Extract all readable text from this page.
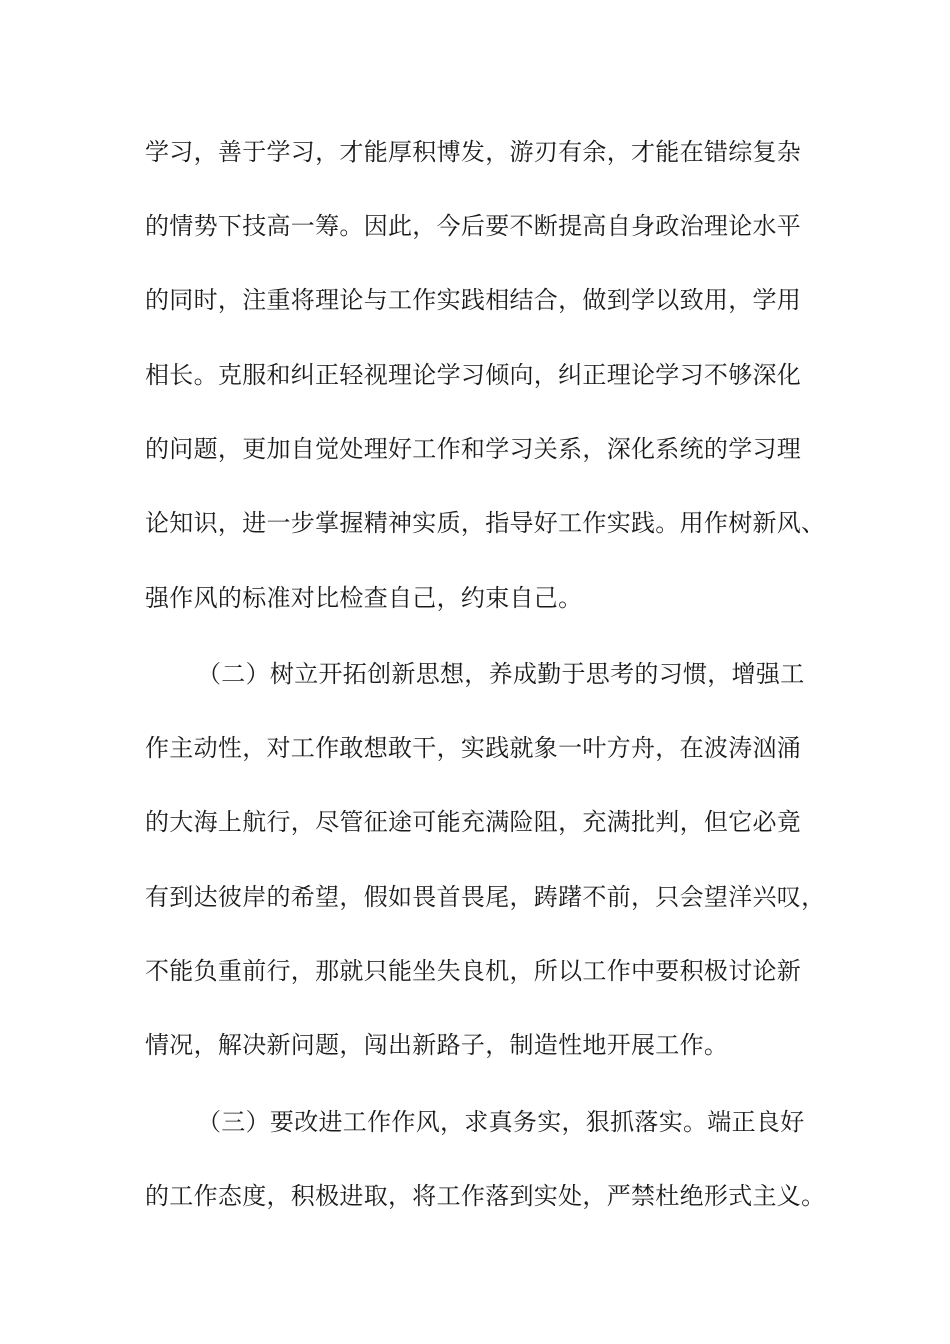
学习，善于学习，才能厚积博发，游刃有余，才能在错综复杂
的情势下技高一筹。因此，今后要不断提高自身政治理论水平
的同时，注重将理论与工作实践相结合，做到学以致用，学用
相长。克服和纠正轻视理论学习倾向，纠正理论学习不够深化
的问题，更加自觉处理好工作和学习关系，深化系统的学习理
论知识，进一步掌握精神实质，指导好工作实践。用作树新风、
强作风的标准对比检查自己，约束自己。
（二）树立开拓创新思想，养成勤于思考的习惯，增强工
作主动性，对工作敢想敢干，实践就象一叶方舟，在波涛汹涌
的大海上航行，尽管征途可能充满险阻，充满批判，但它必竟
有到达彼岸的希望，假如畏首畏尾，踌躇不前，只会望洋兴叹，
不能负重前行，那就只能坐失良机，所以工作中要积极讨论新
情况，解决新问题，闯出新路子，制造性地开展工作。
（三）要改进工作作风，求真务实，狠抓落实。端正良好
的工作态度，积极进取，将工作落到实处，严禁杜绝形式主义。
